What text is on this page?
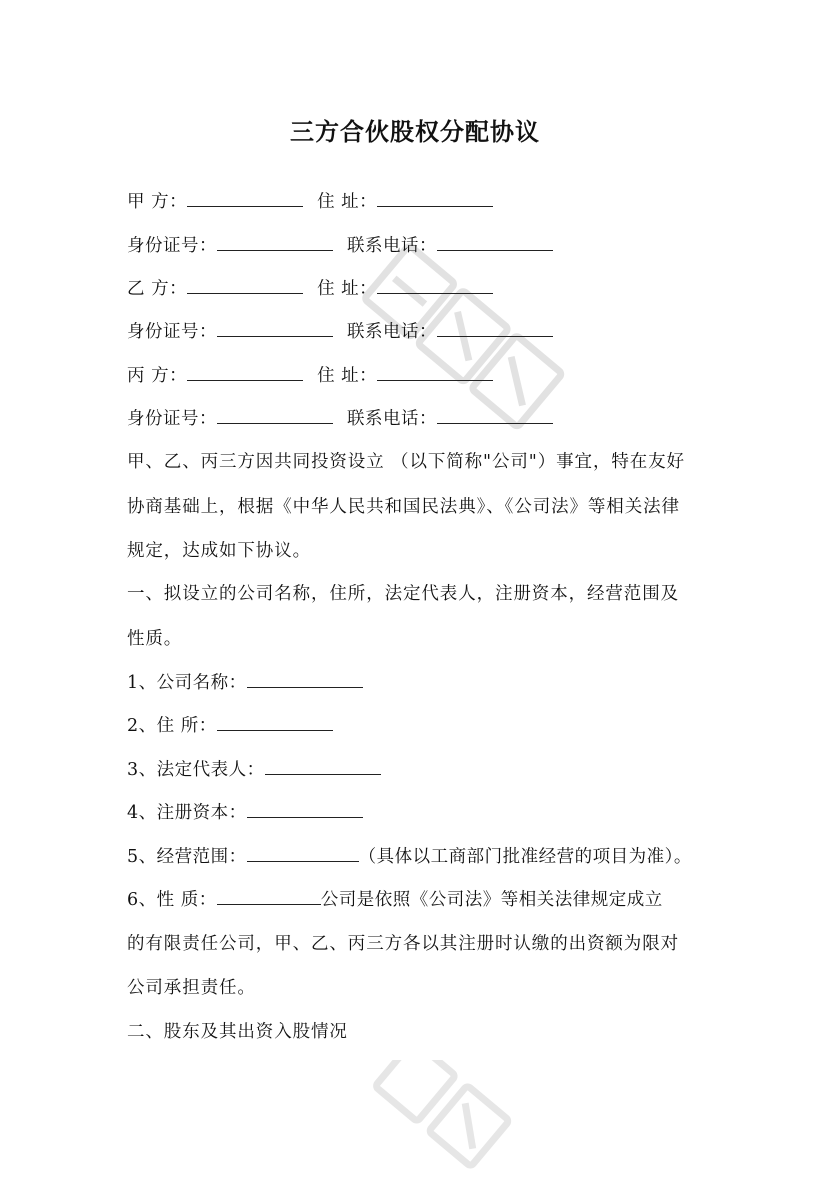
三方合伙股权分配协议
甲 方：	住 址：
身份证号：	联系电话：
乙 方：	住 址：
身份证号：	联系电话：
丙 方：	住 址：
身份证号：	联系电话：
甲、乙、丙三方因共同投资设立 （以下简称"公司"）事宜，特在友好
协商基础上，根据《中华人民共和国民法典》、《公司法》等相关法律
规定，达成如下协议。
一、拟设立的公司名称，住所，法定代表人，注册资本，经营范围及
性质。
1、公司名称：
2、住 所：
3、法定代表人：
4、注册资本：
5、经营范围：	（具体以工商部门批准经营的项目为准）。
6、性 质：	公司是依照《公司法》等相关法律规定成立
的有限责任公司，甲、乙、丙三方各以其注册时认缴的出资额为限对
公司承担责任。
二、股东及其出资入股情况
